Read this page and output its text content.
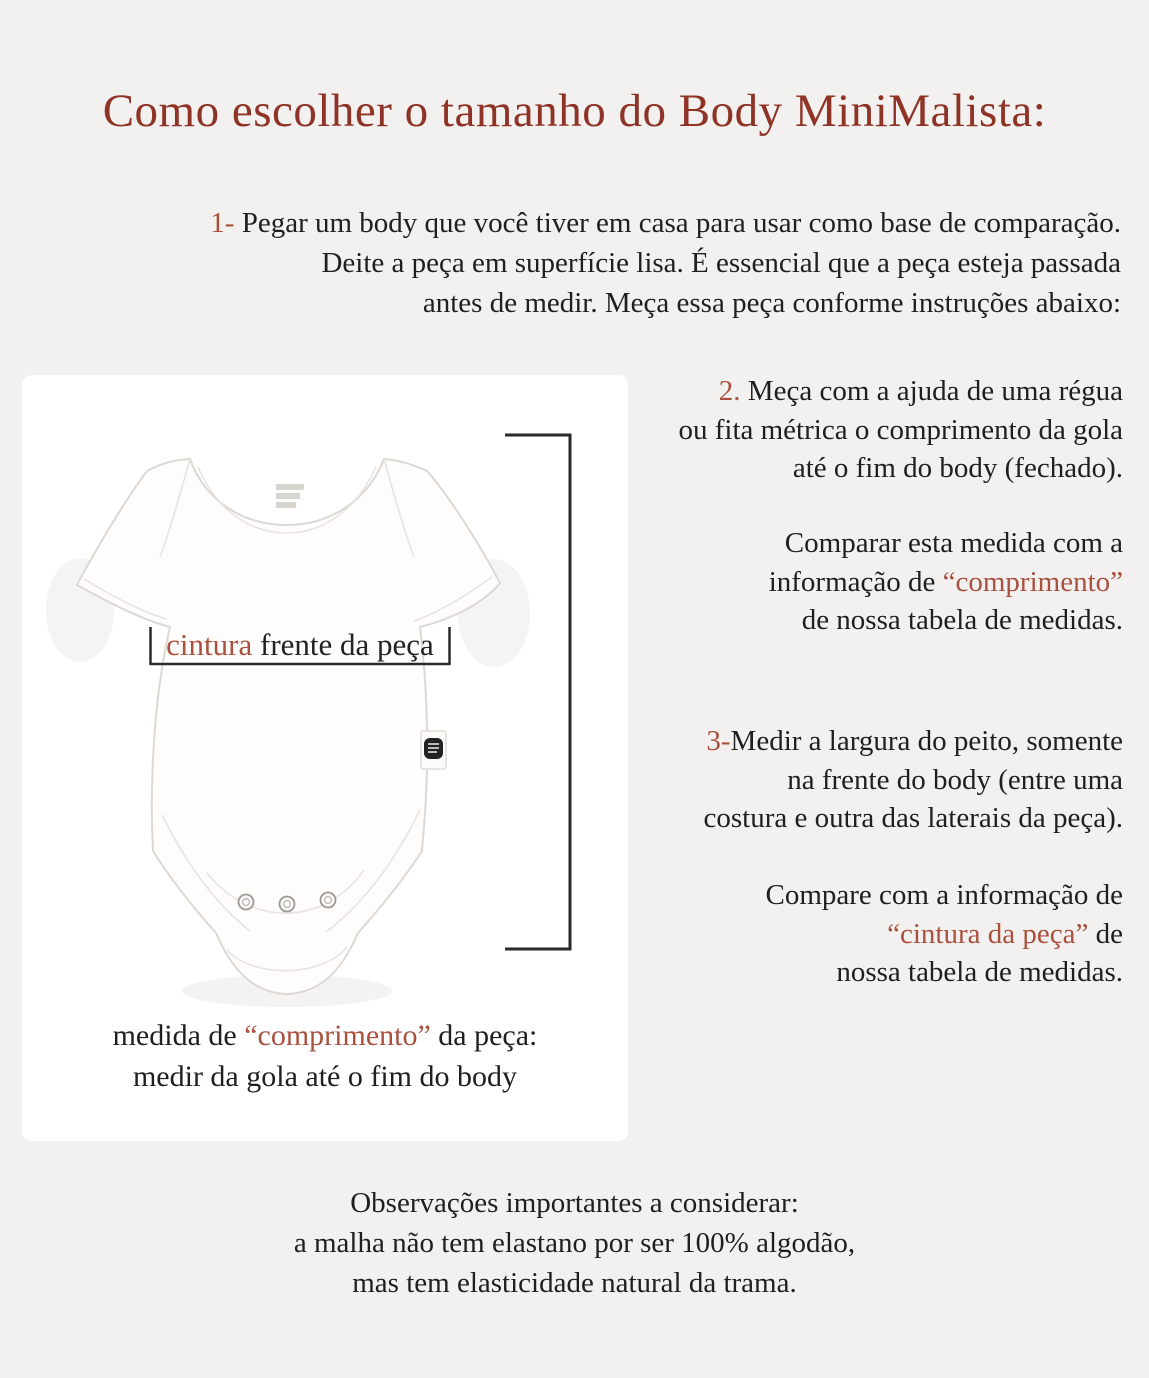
Como escolher o tamanho do Body MiniMalista:
1- Pegar um body que você tiver em casa para usar como base de comparação.
Deite a peça em superfície lisa. É essencial que a peça esteja passada
antes de medir. Meça essa peça conforme instruções abaixo:
cintura frente da peça
medida de “comprimento” da peça:
medir da gola até o fim do body

2. Meça com a ajuda de uma régua
ou fita métrica o comprimento da gola
até o fim do body (fechado).

Comparar esta medida com a
informação de “comprimento”
de nossa tabela de medidas.

3-Medir a largura do peito, somente
na frente do body (entre uma
costura e outra das laterais da peça).

Compare com a informação de
“cintura da peça” de
nossa tabela de medidas.

Observações importantes a considerar:
a malha não tem elastano por ser 100% algodão,
mas tem elasticidade natural da trama.
